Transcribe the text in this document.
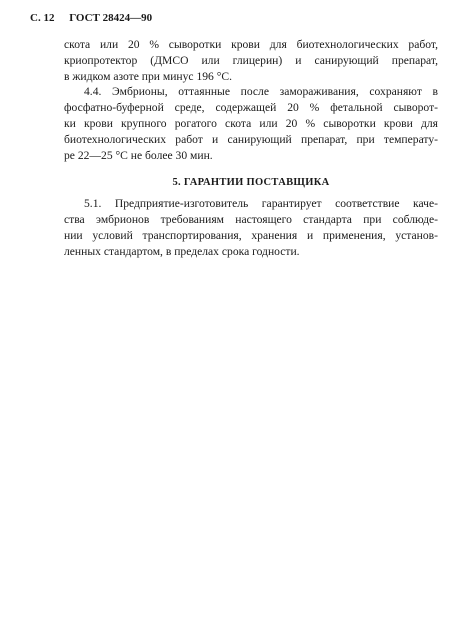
С. 12 ГОСТ 28424—90

скота или 20 % сыворотки крови для биотехнологических работ,
криопротектор (ДМСО или глицерин) и санирующий препарат,
в жидком азоте при минус 196 °С.

4.4. Эмбрионы, оттаянные после замораживания, сохраняют в
фосфатно-буферной среде, содержащей 20 % фетальной сыворот-
ки крови крупного рогатого скота или 20 % сыворотки крови для
биотехнологических работ и санирующий препарат, при температу-
ре 22—25 °С не более 30 мин.

5. ГАРАНТИИ ПОСТАВЩИКА

5.1. Предприятие-изготовитель гарантирует соответствие каче-
ства эмбрионов требованиям настоящего стандарта при соблюде-
нии условий транспортирования, хранения и применения, установ-
ленных стандартом, в пределах срока годности.
